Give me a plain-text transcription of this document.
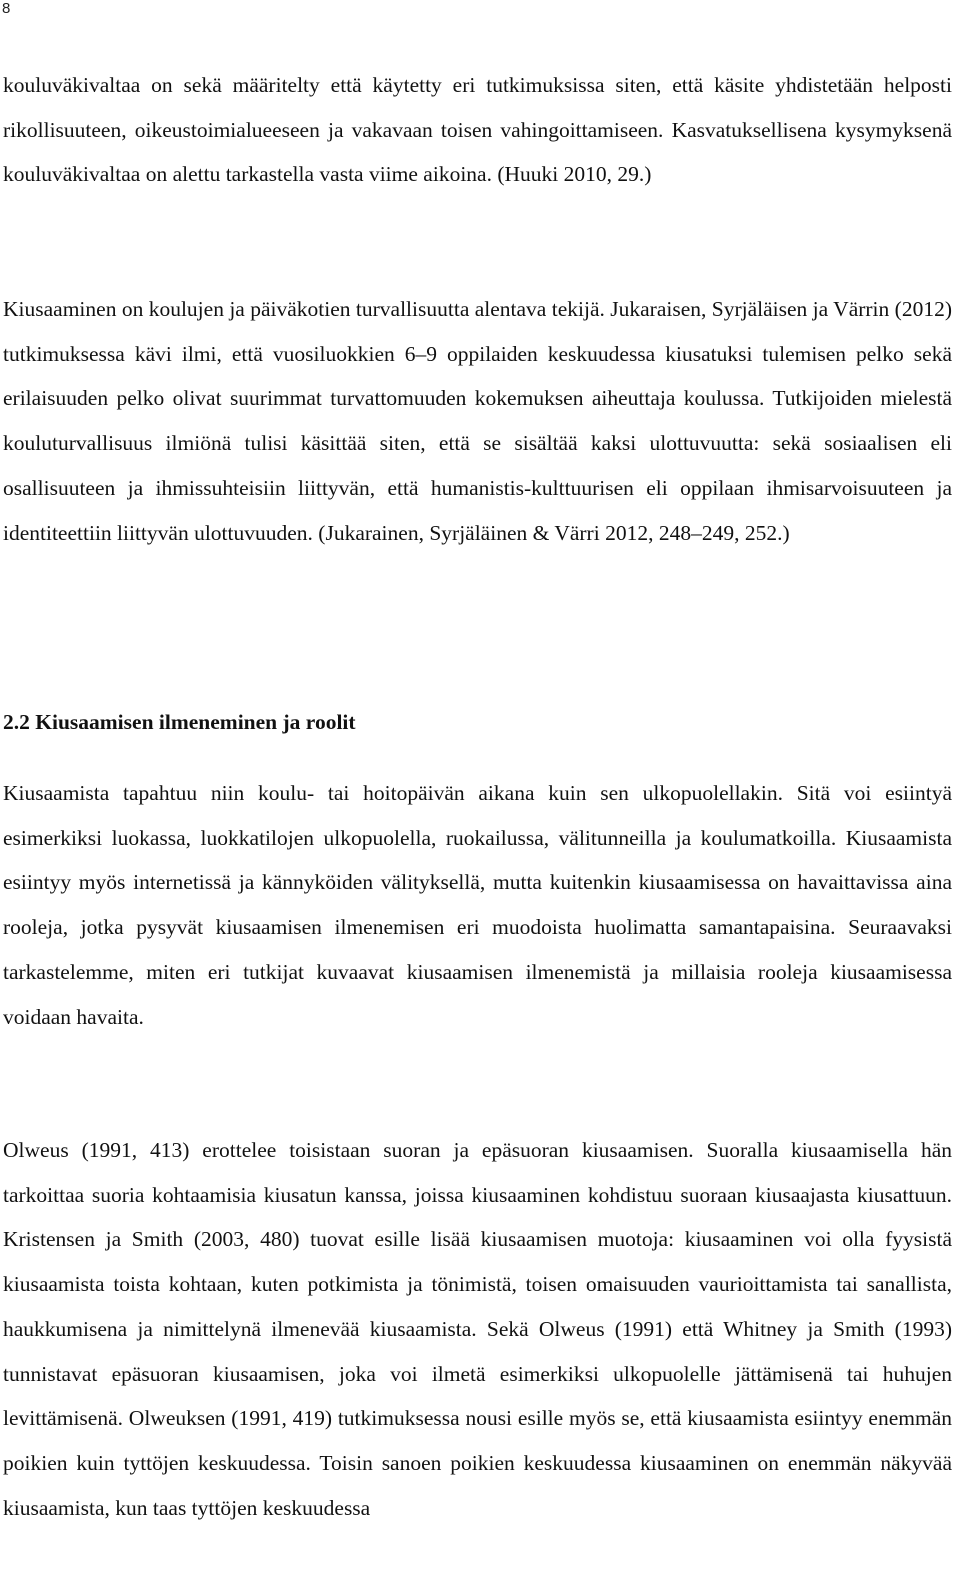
8

kouluväkivaltaa on sekä määritelty että käytetty eri tutkimuksissa siten, että käsite yhdistetään helposti rikollisuuteen, oikeustoimialueeseen ja vakavaan toisen vahingoittamiseen. Kasvatuksellisena kysymyksenä kouluväkivaltaa on alettu tarkastella vasta viime aikoina. (Huuki 2010, 29.)

Kiusaaminen on koulujen ja päiväkotien turvallisuutta alentava tekijä. Jukaraisen, Syrjäläisen ja Värrin (2012) tutkimuksessa kävi ilmi, että vuosiluokkien 6–9 oppilaiden keskuudessa kiusatuksi tulemisen pelko sekä erilaisuuden pelko olivat suurimmat turvattomuuden kokemuksen aiheuttaja koulussa. Tutkijoiden mielestä kouluturvallisuus ilmiönä tulisi käsittää siten, että se sisältää kaksi ulottuvuutta: sekä sosiaalisen eli osallisuuteen ja ihmissuhteisiin liittyvän, että humanistis-kulttuurisen eli oppilaan ihmisarvoisuuteen ja identiteettiin liittyvän ulottuvuuden. (Jukarainen, Syrjäläinen & Värri 2012, 248–249, 252.)

2.2 Kiusaamisen ilmeneminen ja roolit

Kiusaamista tapahtuu niin koulu- tai hoitopäivän aikana kuin sen ulkopuolellakin. Sitä voi esiintyä esimerkiksi luokassa, luokkatilojen ulkopuolella, ruokailussa, välitunneilla ja koulumatkoilla. Kiusaamista esiintyy myös internetissä ja kännyköiden välityksellä, mutta kuitenkin kiusaamisessa on havaittavissa aina rooleja, jotka pysyvät kiusaamisen ilmenemisen eri muodoista huolimatta samantapaisina. Seuraavaksi tarkastelemme, miten eri tutkijat kuvaavat kiusaamisen ilmenemistä ja millaisia rooleja kiusaamisessa voidaan havaita.

Olweus (1991, 413) erottelee toisistaan suoran ja epäsuoran kiusaamisen. Suoralla kiusaamisella hän tarkoittaa suoria kohtaamisia kiusatun kanssa, joissa kiusaaminen kohdistuu suoraan kiusaajasta kiusattuun. Kristensen ja Smith (2003, 480) tuovat esille lisää kiusaamisen muotoja: kiusaaminen voi olla fyysistä kiusaamista toista kohtaan, kuten potkimista ja tönimistä, toisen omaisuuden vaurioittamista tai sanallista, haukkumisena ja nimittelynä ilmenevää kiusaamista. Sekä Olweus (1991) että Whitney ja Smith (1993) tunnistavat epäsuoran kiusaamisen, joka voi ilmetä esimerkiksi ulkopuolelle jättämisenä tai huhujen levittämisenä. Olweuksen (1991, 419) tutkimuksessa nousi esille myös se, että kiusaamista esiintyy enemmän poikien kuin tyttöjen keskuudessa. Toisin sanoen poikien keskuudessa kiusaaminen on enemmän näkyvää kiusaamista, kun taas tyttöjen keskuudessa
